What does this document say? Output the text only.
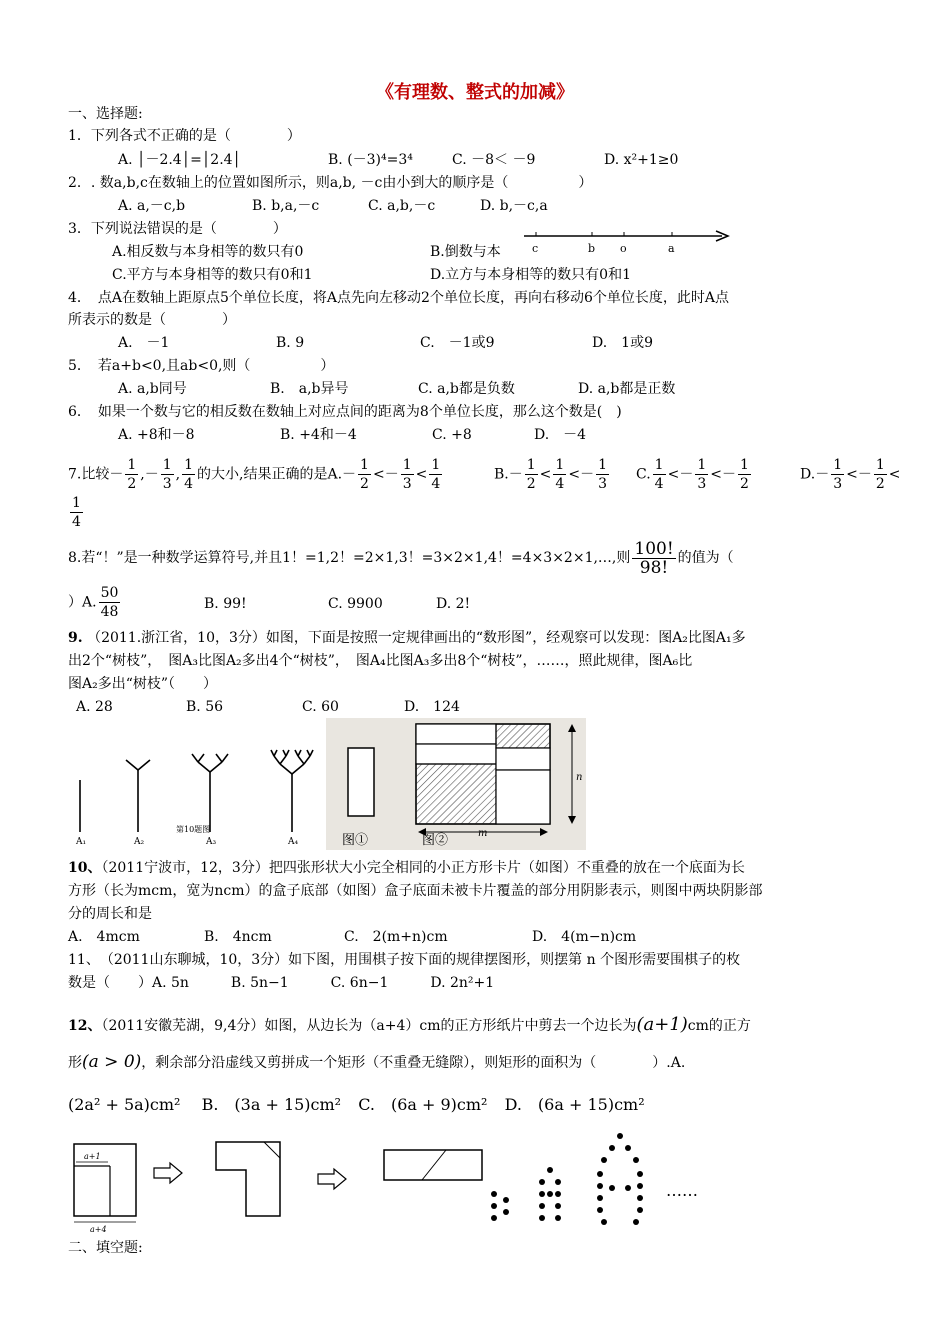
《有理数、整式的加减》
一、选择题:
1．下列各式不正确的是（　　　　）
A. │－2.4│=│2.4│	B. (－3)⁴=3⁴	C. －8＜ －9	D. x²+1≥0
2．. 数a,b,c在数轴上的位置如图所示，则a,b, －c由小到大的顺序是（　　　　　）
A. a,－c,b	B. b,a,－c	C. a,b,－c	D. b,－c,a
3．下列说法错误的是（　　　　）
A.相反数与本身相等的数只有0	B.倒数与本
C.平方与本身相等的数只有0和1	D.立方与本身相等的数只有0和1
c	b o	a
4．　点A在数轴上距原点5个单位长度，将A点先向左移动2个单位长度，再向右移动6个单位长度，此时A点
所表示的数是（　　　　）
A.　－1	B. 9	C.　－1或9	D.　1或9
5．　若a+b<0,且ab<0,则（　　　　　）
A. a,b同号	B.　a,b异号	C. a,b都是负数	D. a,b都是正数
6．　如果一个数与它的相反数在数轴上对应点间的距离为8个单位长度，那么这个数是(　)
A. +8和－8	B. +4和－4	C. +8	D.　－4
7.比较－ $\frac{1}{2}$ ,－ $\frac{1}{3}$ , $\frac{1}{4}$ 的大小,结果正确的是$A.- \frac{1}{2} <- \frac{1}{3} < \frac{1}{4}$	$B.- \frac{1}{2} < \frac{1}{4} <- \frac{1}{3} C$. $\frac{1}{4} <- \frac{1}{3} <- \frac{1}{2}$	$D.- \frac{1}{3} <- \frac{1}{2}$ <
$\frac{1}{4}$
8.若“！”是一种数学运算符号,并且1！=1,2！=2×1,3！=3×2×1,4！=4×3×2×1,…,则 $\frac{100!}{98!}$ 的值为（
）A. $\frac{50}{48}$	B. 99!	C. 9900	D. 2!
9. （2011.浙江省，10，3分）如图，下面是按照一定规律画出的“数形图”，经观察可以发现：图A₂比图A₁多
出2个“树枝”，　图A₃比图A₂多出4个“树枝”，　图A₄比图A₃多出8个“树枝”，……，照此规律，图A₆比
图A₂多出“树枝”（　　）
A. 28	B. 56	C. 60	D.　124
A₁	A₂	A₃	A₄
第10题图
n
m
图①	图②
10、（2011宁波市，12，3分）把四张形状大小完全相同的小正方形卡片（如图）不重叠的放在一个底面为长
方形（长为mcm，宽为ncm）的盒子底部（如图）盒子底面未被卡片覆盖的部分用阴影表示，则图中两块阴影部
分的周长和是
A.　4mcm	B.　4ncm	C.　2(m+n)cm	D.　4(m−n)cm
11、　（2011山东聊城，10，3分）如下图，用围棋子按下面的规律摆图形，则摆第 n 个图形需要围棋子的枚
数是（　　）A. 5n　　　B. 5n−1　　　C. 6n−1　　　D. 2n²+1
12、（2011安徽芜湖，9,4分）如图，从边长为（a+4）cm的正方形纸片中剪去一个边长为(a+1)cm的正方
形(a > 0)，剩余部分沿虚线又剪拼成一个矩形（不重叠无缝隙），则矩形的面积为（　　　　）.A.
(2a² + 5a)cm² B.　(3a + 15)cm² C.　(6a + 9)cm² D.　(6a + 15)cm²
a+1
a+4
……
二、填空题:
